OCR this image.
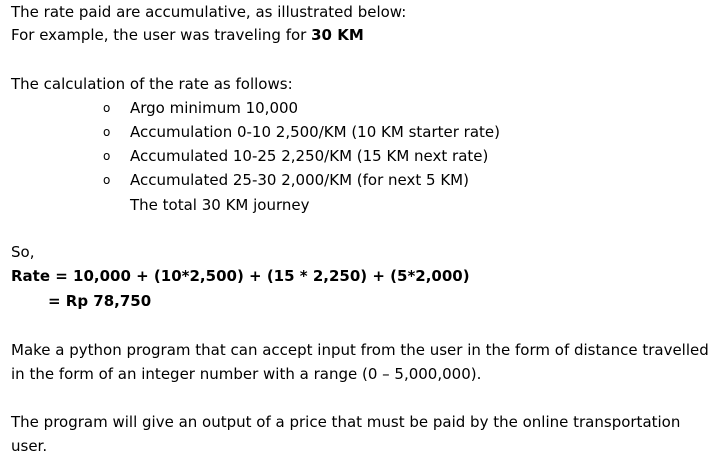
The rate paid are accumulative, as illustrated below:
For example, the user was traveling for 30 KM
The calculation of the rate as follows:
o Argo minimum 10,000
o Accumulation 0-10 2,500/KM (10 KM starter rate)
o Accumulated 10-25 2,250/KM (15 KM next rate)
o Accumulated 25-30 2,000/KM (for next 5 KM)
The total 30 KM journey
So,
Rate = 10,000 + (10*2,500) + (15 * 2,250) + (5*2,000)
= Rp 78,750
Make a python program that can accept input from the user in the form of distance travelled
in the form of an integer number with a range (0 – 5,000,000).
The program will give an output of a price that must be paid by the online transportation
user.
